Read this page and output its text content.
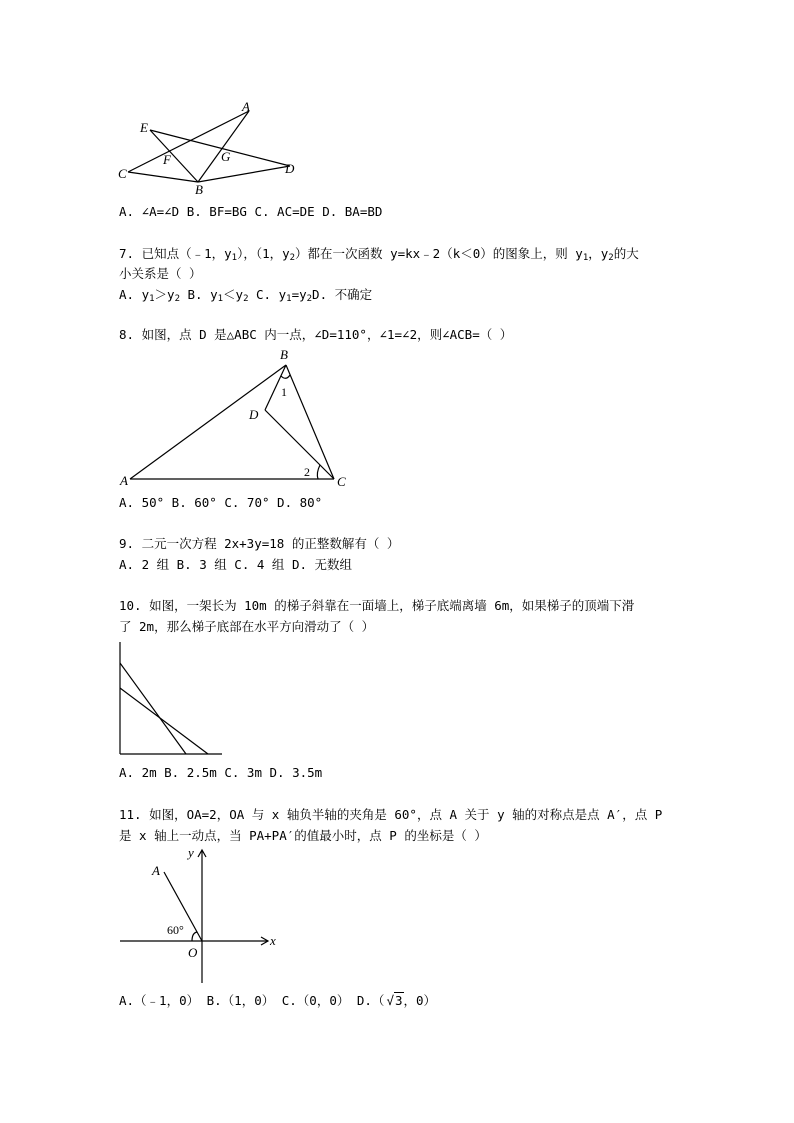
E
A
F	G
C
B
D
A. ∠A=∠D B. BF=BG C. AC=DE D. BA=BD
7. 已知点（﹣1，$y_1$），（1，$y_2$）都在一次函数 y=kx﹣2（k＜0）的图象上，则 $y_1$，$y_2$的大
小关系是（ ）
A. $y_1>y_2$ B. $y_1<y_2$ C. $y_1=y_2D$. 不确定
8. 如图，点 D 是△ABC 内一点，∠D=110°，∠1=∠2，则∠ACB=（ ）
B
1
D
2
A	C
A. 50° B. 60° C. 70° D. 80°
9. 二元一次方程 2x+3y=18 的正整数解有（ ）
A. 2 组 B. 3 组 C. 4 组 D. 无数组
10. 如图，一架长为 10m 的梯子斜靠在一面墙上，梯子底端离墙 6m，如果梯子的顶端下滑
了 2m，那么梯子底部在水平方向滑动了（ ）
A. 2m B. 2.5m C. 3m D. 3.5m
11. 如图，OA=2，OA 与 x 轴负半轴的夹角是 60°，点 A 关于 y 轴的对称点是点 A′，点 P
是 x 轴上一动点，当 PA+PA′的值最小时，点 P 的坐标是（ ）
y
A
60°
O
x
A.（﹣1，0） B.（1，0） C.（0，0） D.（ √3，0）
